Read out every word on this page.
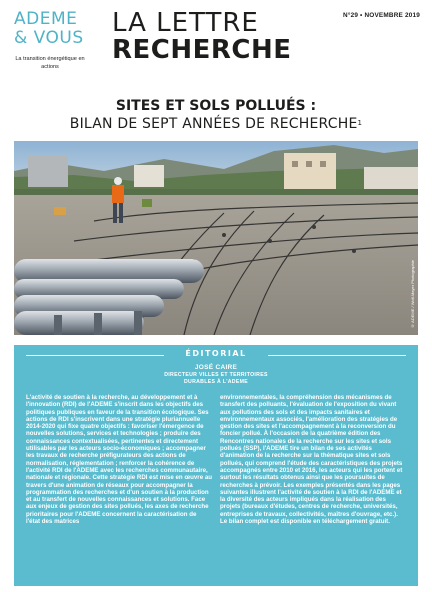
ADEME
& VOUS
La transition énergétique en actions
LA LETTRE
RECHERCHE
N°29 • NOVEMBRE 2019
SITES ET SOLS POLLUÉS :
BILAN DE SEPT ANNÉES DE RECHERCHE$^1$
© ADEME / Wolf-Mayer Photographie
ÉDITORIAL
JOSÉ CAIRE
DIRECTEUR VILLES ET TERRITOIRES
DURABLES À L'ADEME

L'activité de soutien à la recherche, au développement et à l'innovation (RDI) de l'ADEME s'inscrit dans les objectifs des politiques publiques en faveur de la transition écologique. Ses actions de RDI s'inscrivent dans une stratégie pluriannuelle 2014-2020 qui fixe quatre objectifs : favoriser l'émergence de nouvelles solutions, services et technologies ; produire des connaissances contextualisées, pertinentes et directement utilisables par les acteurs socio-économiques ; accompagner les travaux de recherche préfigurateurs des actions de normalisation, réglementation ; renforcer la cohérence de l'activité RDI de l'ADEME avec les recherches communautaire, nationale et régionale. Cette stratégie RDI est mise en œuvre au travers d'une animation de réseaux pour accompagner la programmation des recherches et d'un soutien à la production et au transfert de nouvelles connaissances et solutions. Face aux enjeux de gestion des sites pollués, les axes de recherche prioritaires pour l'ADEME concernent la caractérisation de l'état des matrices

environnementales, la compréhension des mécanismes de transfert des polluants, l'évaluation de l'exposition du vivant aux pollutions des sols et des impacts sanitaires et environnementaux associés, l'amélioration des stratégies de gestion des sites et l'accompagnement à la reconversion du foncier pollué. À l'occasion de la quatrième édition des Rencontres nationales de la recherche sur les sites et sols pollués (SSP), l'ADEME tire un bilan de ses activités d'animation de la recherche sur la thématique sites et sols pollués, qui comprend l'étude des caractéristiques des projets accompagnés entre 2010 et 2016, les acteurs qui les portent et surtout les résultats obtenus ainsi que les poursuites de recherches à prévoir. Les exemples présentés dans les pages suivantes illustrent l'activité de soutien à la RDI de l'ADEME et la diversité des acteurs impliqués dans la réalisation des projets (bureaux d'études, centres de recherche, universités, entreprises de travaux, collectivités, maîtres d'ouvrage, etc.). Le bilan complet est disponible en téléchargement gratuit.
